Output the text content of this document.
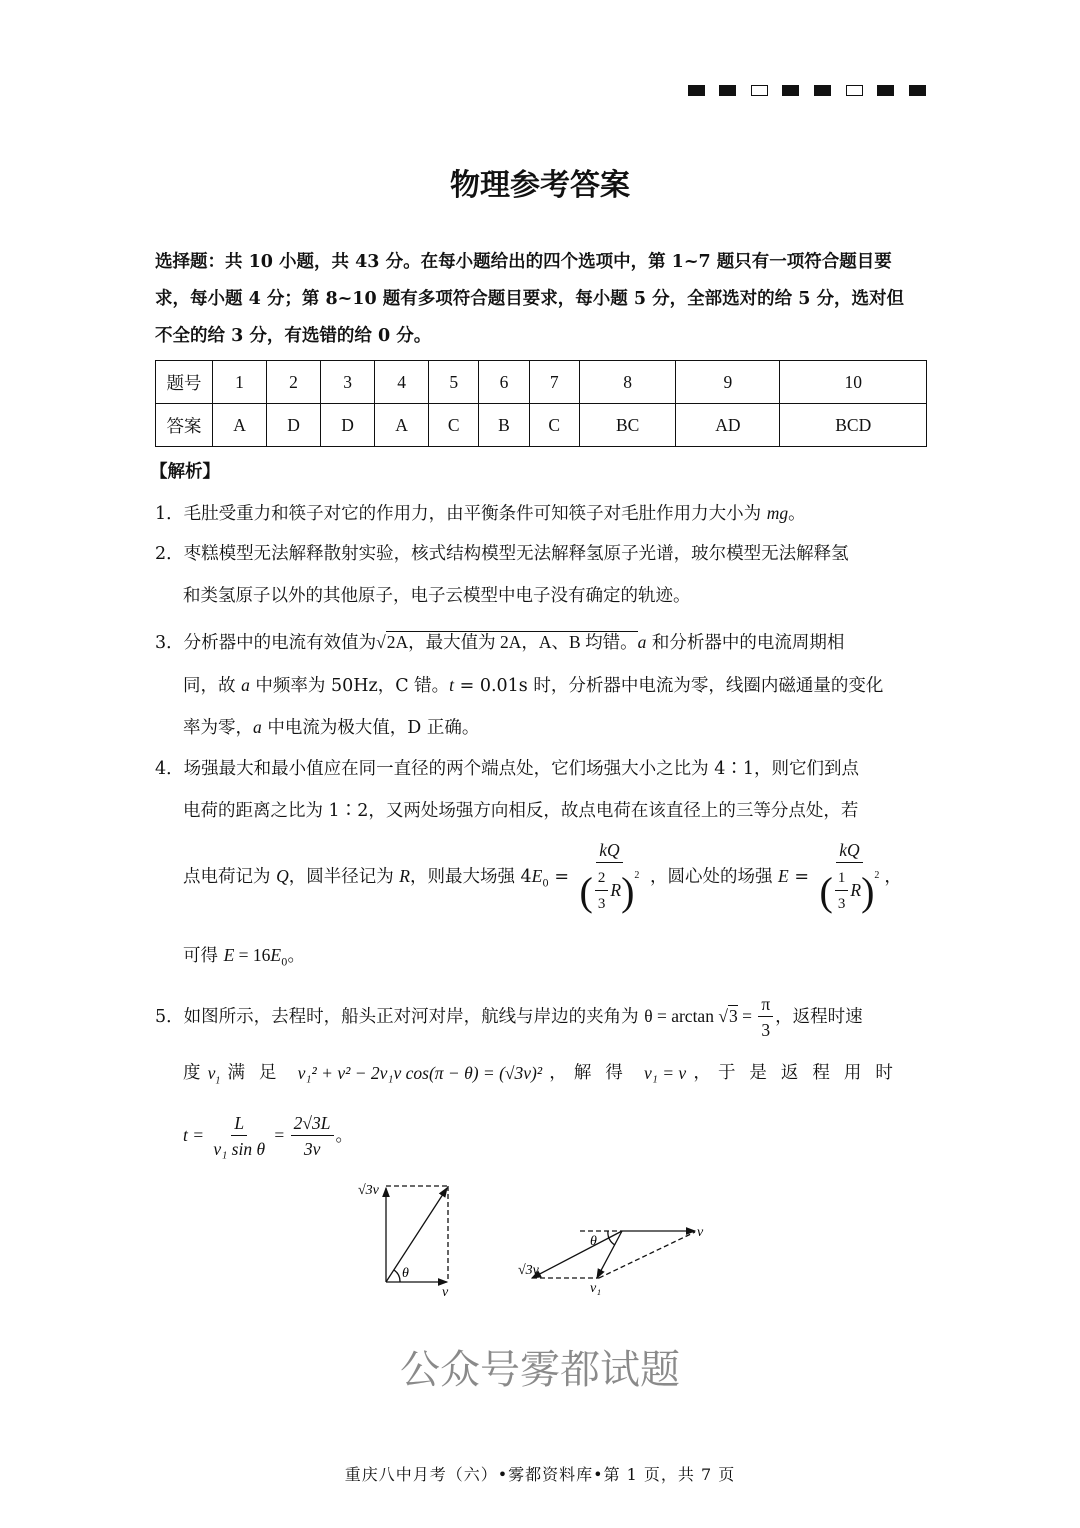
物理参考答案
选择题：共 10 小题，共 43 分。在每小题给出的四个选项中，第 1~7 题只有一项符合题目要
求，每小题 4 分；第 8~10 题有多项符合题目要求，每小题 5 分，全部选对的给 5 分，选对但
不全的给 3 分，有选错的给 0 分。
题号	1	2	3	4	5	6	7	8	9	10
答案	A	D	D	A	C	B	C	BC	AD	BCD
【解析】
1．毛肚受重力和筷子对它的作用力，由平衡条件可知筷子对毛肚作用力大小为 mg。
2．枣糕模型无法解释散射实验，核式结构模型无法解释氢原子光谱，玻尔模型无法解释氢
和类氢原子以外的其他原子，电子云模型中电子没有确定的轨迹。
3．分析器中的电流有效值为√2A，最大值为 2A，A、B 均错。a 和分析器中的电流周期相
同，故 a 中频率为 50Hz，C 错。t = 0.01s 时，分析器中电流为零，线圈内磁通量的变化
率为零，a 中电流为极大值，D 正确。
4．场强最大和最小值应在同一直径的两个端点处，它们场强大小之比为 4∶1，则它们到点
电荷的距离之比为 1∶2，又两处场强方向相反，故点电荷在该直径上的三等分点处，若
点电荷记为 Q，圆半径记为 R，则最大场强 $4E_0 = \frac{kQ}{( \frac{2}{3} R)^2}$ ，圆心处的场强 $E = \frac{kQ}{( \frac{1}{3} R)^2}$ ，
可得 $E = 16E_0$。
5．如图所示，去程时，船头正对河对岸，航线与岸边的夹角为 $\theta = \arctan √3 = \frac{\pi}{3}$ ，返程时速
度 $v_1$ 满足 v₁² + v² − 2v₁v cos(π − θ) = (√3v)² ， 解得 v₁ = v ， 于是返程用时
$t = \frac{L}{\text{v₁ sin θ}} = \frac{2√3L}{3v}$ 。
√3v
v
θ
v
θ
√3v
v₁
公众号雾都试题
重庆八中月考（六）•雾都资料库•第 1 页，共 7 页
